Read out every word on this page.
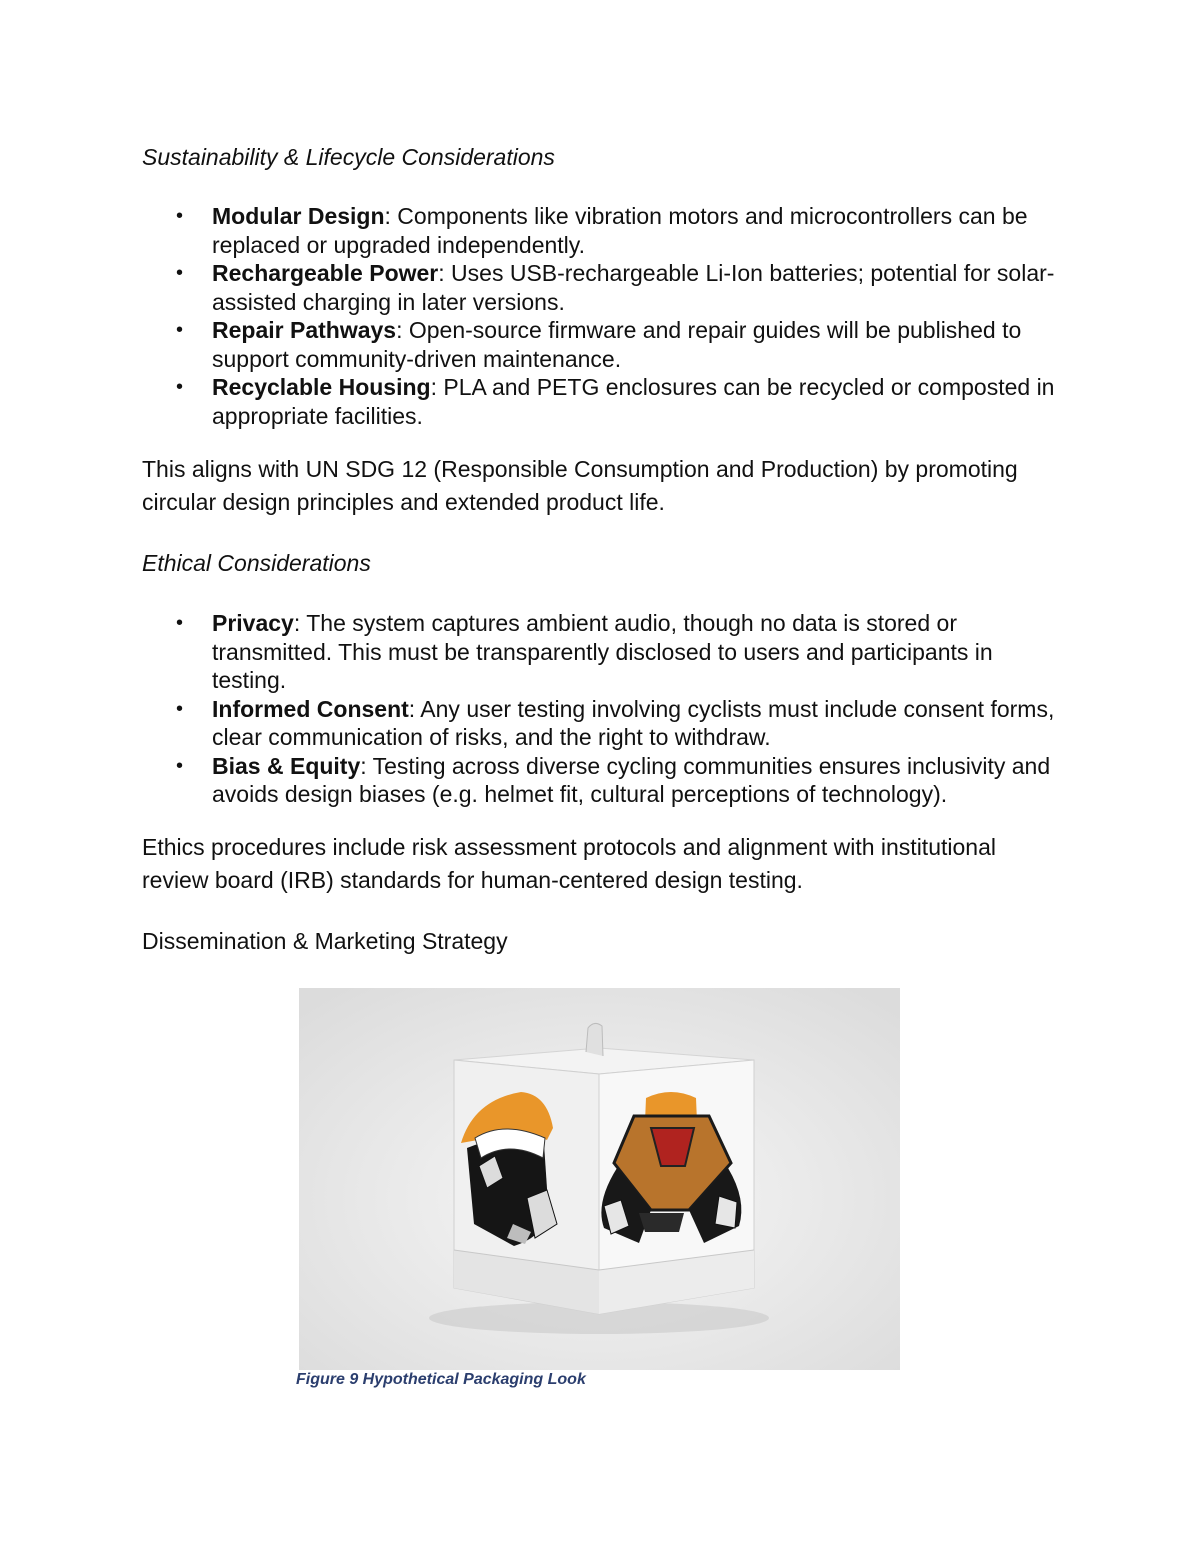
Sustainability & Lifecycle Considerations
• Modular Design: Components like vibration motors and microcontrollers can be replaced or upgraded independently.
• Rechargeable Power: Uses USB-rechargeable Li-Ion batteries; potential for solar-assisted charging in later versions.
• Repair Pathways: Open-source firmware and repair guides will be published to support community-driven maintenance.
• Recyclable Housing: PLA and PETG enclosures can be recycled or composted in appropriate facilities.

This aligns with UN SDG 12 (Responsible Consumption and Production) by promoting circular design principles and extended product life.

Ethical Considerations
• Privacy: The system captures ambient audio, though no data is stored or transmitted. This must be transparently disclosed to users and participants in testing.
• Informed Consent: Any user testing involving cyclists must include consent forms, clear communication of risks, and the right to withdraw.
• Bias & Equity: Testing across diverse cycling communities ensures inclusivity and avoids design biases (e.g. helmet fit, cultural perceptions of technology).

Ethics procedures include risk assessment protocols and alignment with institutional review board (IRB) standards for human-centered design testing.

Dissemination & Marketing Strategy

Figure 9 Hypothetical Packaging Look
